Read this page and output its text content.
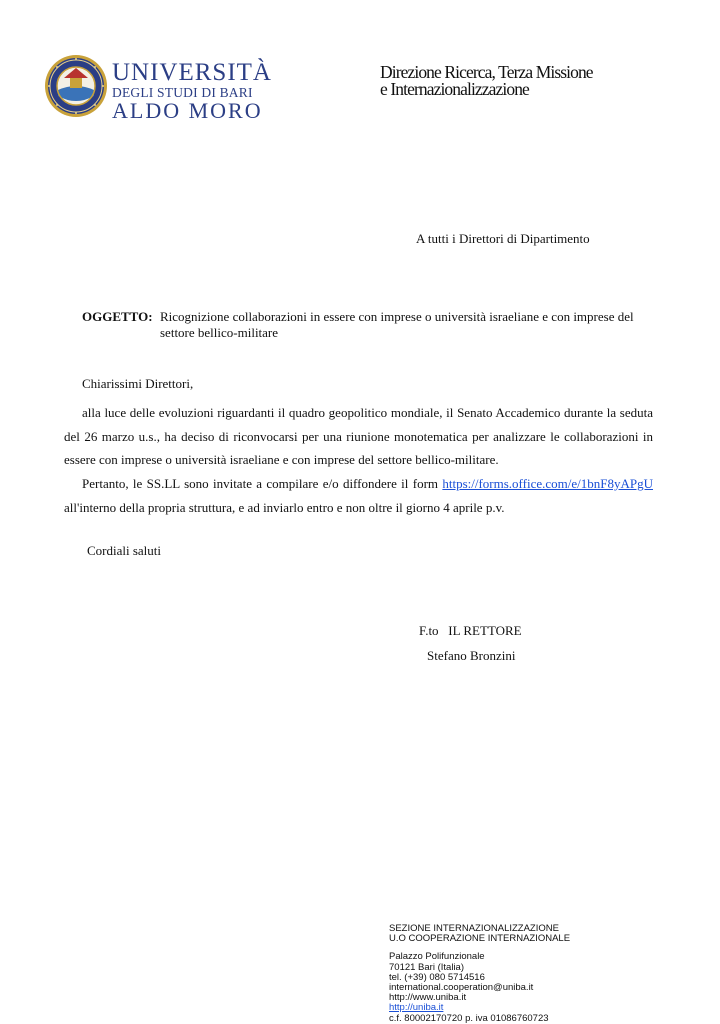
UNIVERSITÀ
DEGLI STUDI DI BARI
ALDO MORO
Direzione Ricerca, Terza Missione
e Internazionalizzazione
A tutti i Direttori di Dipartimento
OGGETTO: Ricognizione collaborazioni in essere con imprese o università israeliane e con imprese del settore bellico-militare
Chiarissimi Direttori,
alla luce delle evoluzioni riguardanti il quadro geopolitico mondiale, il Senato Accademico durante la seduta del 26 marzo u.s., ha deciso di riconvocarsi per una riunione monotematica per analizzare le collaborazioni in essere con imprese o università israeliane e con imprese del settore bellico-militare.
Pertanto, le SS.LL sono invitate a compilare e/o diffondere il form https://forms.office.com/e/1bnF8yAPgU all'interno della propria struttura, e ad inviarlo entro e non oltre il giorno 4 aprile p.v.
Cordiali saluti
F.to   IL RETTORE
Stefano Bronzini
SEZIONE INTERNAZIONALIZZAZIONE
U.O COOPERAZIONE INTERNAZIONALE
Palazzo Polifunzionale
70121 Bari (Italia)
tel. (+39) 080 5714516
international.cooperation@uniba.it
http://www.uniba.it
http://uniba.it
c.f. 80002170720 p. iva 01086760723
